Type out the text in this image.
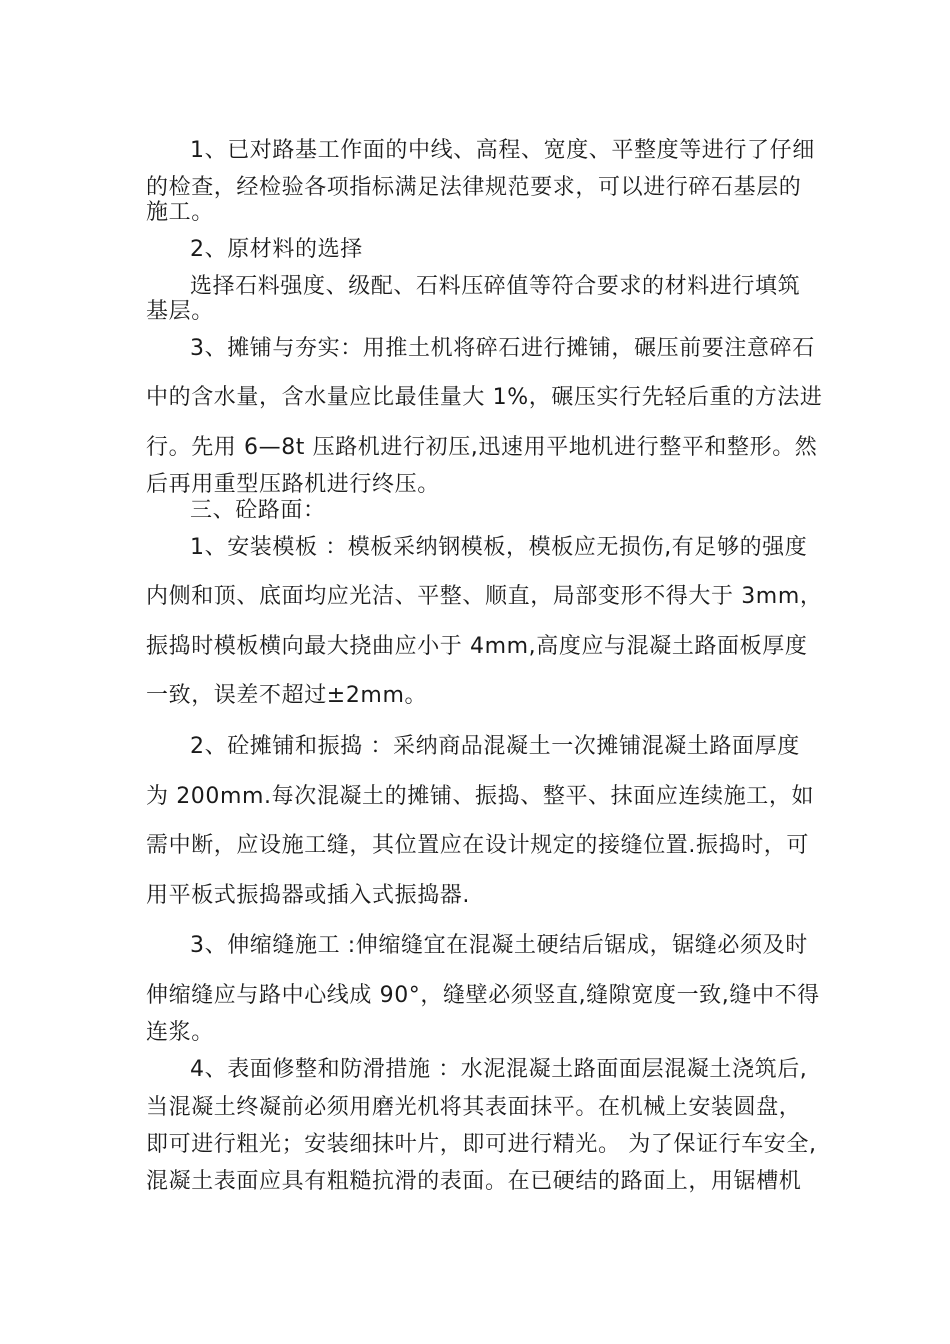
1、已对路基工作面的中线、高程、宽度、平整度等进行了仔细
的检查，经检验各项指标满足法律规范要求，可以进行碎石基层的
施工。
2、原材料的选择
选择石料强度、级配、石料压碎值等符合要求的材料进行填筑
基层。
3、摊铺与夯实：用推土机将碎石进行摊铺，碾压前要注意碎石
中的含水量，含水量应比最佳量大 1%，碾压实行先轻后重的方法进
行。先用 6—8t 压路机进行初压,迅速用平地机进行整平和整形。然
后再用重型压路机进行终压。
三、砼路面：
1、安装模板 ：模板采纳钢模板，模板应无损伤,有足够的强度
内侧和顶、底面均应光洁、平整、顺直，局部变形不得大于 3mm，
振捣时模板横向最大挠曲应小于 4mm,高度应与混凝土路面板厚度
一致，误差不超过±2mm。
2、砼摊铺和振捣 ：采纳商品混凝土一次摊铺混凝土路面厚度
为 200mm.每次混凝土的摊铺、振捣、整平、抹面应连续施工，如
需中断，应设施工缝，其位置应在设计规定的接缝位置.振捣时，可
用平板式振捣器或插入式振捣器.
3、伸缩缝施工 :伸缩缝宜在混凝土硬结后锯成，锯缝必须及时
伸缩缝应与路中心线成 90°，缝壁必须竖直,缝隙宽度一致,缝中不得
连浆。
4、表面修整和防滑措施 ：水泥混凝土路面面层混凝土浇筑后,
当混凝土终凝前必须用磨光机将其表面抹平。在机械上安装圆盘，
即可进行粗光；安装细抹叶片，即可进行精光。 为了保证行车安全,
混凝土表面应具有粗糙抗滑的表面。在已硬结的路面上，用锯槽机
